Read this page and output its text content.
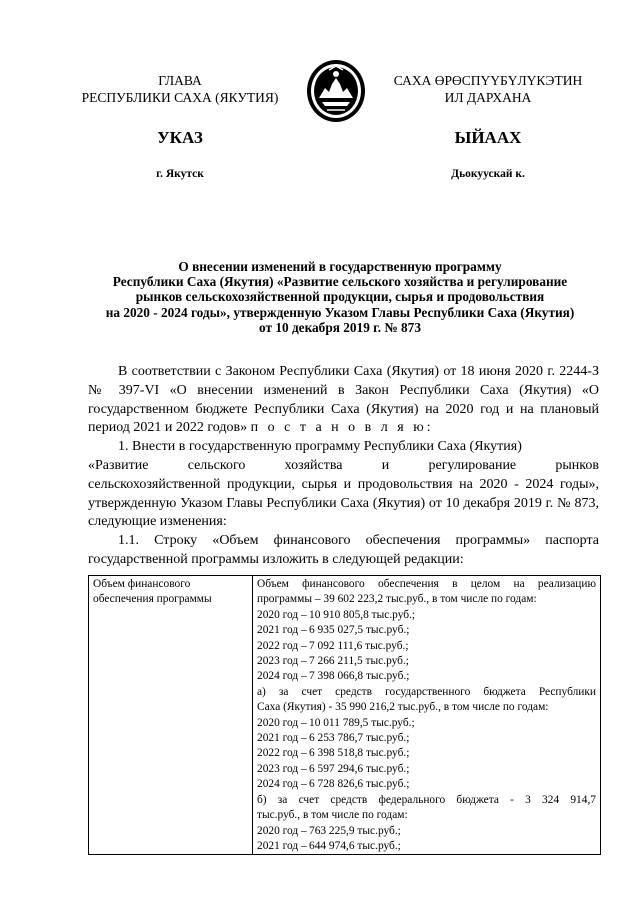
ГЛАВА
РЕСПУБЛИКИ САХА (ЯКУТИЯ)
САХА ӨРӨСПҮҮБҮЛҮКЭТИН
ИЛ ДАРХАНА
УКАЗ	ЫЙААХ
г. Якутск	Дьокуускай к.
О внесении изменений в государственную программу
Республики Саха (Якутия) «Развитие сельского хозяйства и регулирование
рынков сельскохозяйственной продукции, сырья и продовольствия
на 2020 - 2024 годы», утвержденную Указом Главы Республики Саха (Якутия)
от 10 декабря 2019 г. № 873

В соответствии с Законом Республики Саха (Якутия) от 18 июня 2020 г. 2244-З № 397-VI «О внесении изменений в Закон Республики Саха (Якутия) «О государственном бюджете Республики Саха (Якутия) на 2020 год и на плановый период 2021 и 2022 годов» п о с т а н о в л я ю:

1. Внести в государственную программу Республики Саха (Якутия)

«Развитие сельского хозяйства и регулирование рынков

сельскохозяйственной продукции, сырья и продовольствия на 2020 - 2024 годы», утвержденную Указом Главы Республики Саха (Якутия) от 10 декабря 2019 г. № 873, следующие изменения:

1.1. Строку «Объем финансового обеспечения программы» паспорта государственной программы изложить в следующей редакции:

Объем финансового обеспечения программы	
Объем финансового обеспечения в целом на реализацию
программы – 39 602 223,2 тыс.руб., в том числе по годам:
2020 год – 10 910 805,8 тыс.руб.;
2021 год – 6 935 027,5 тыс.руб.;
2022 год – 7 092 111,6 тыс.руб.;
2023 год – 7 266 211,5 тыс.руб.;
2024 год – 7 398 066,8 тыс.руб.;
а) за счет средств государственного бюджета Республики
Саха (Якутия) - 35 990 216,2 тыс.руб., в том числе по годам:
2020 год – 10 011 789,5 тыс.руб.;
2021 год – 6 253 786,7 тыс.руб.;
2022 год – 6 398 518,8 тыс.руб.;
2023 год – 6 597 294,6 тыс.руб.;
2024 год – 6 728 826,6 тыс.руб.;
б) за счет средств федерального бюджета - 3 324 914,7
тыс.руб., в том числе по годам:
2020 год – 763 225,9 тыс.руб.;
2021 год – 644 974,6 тыс.руб.;
